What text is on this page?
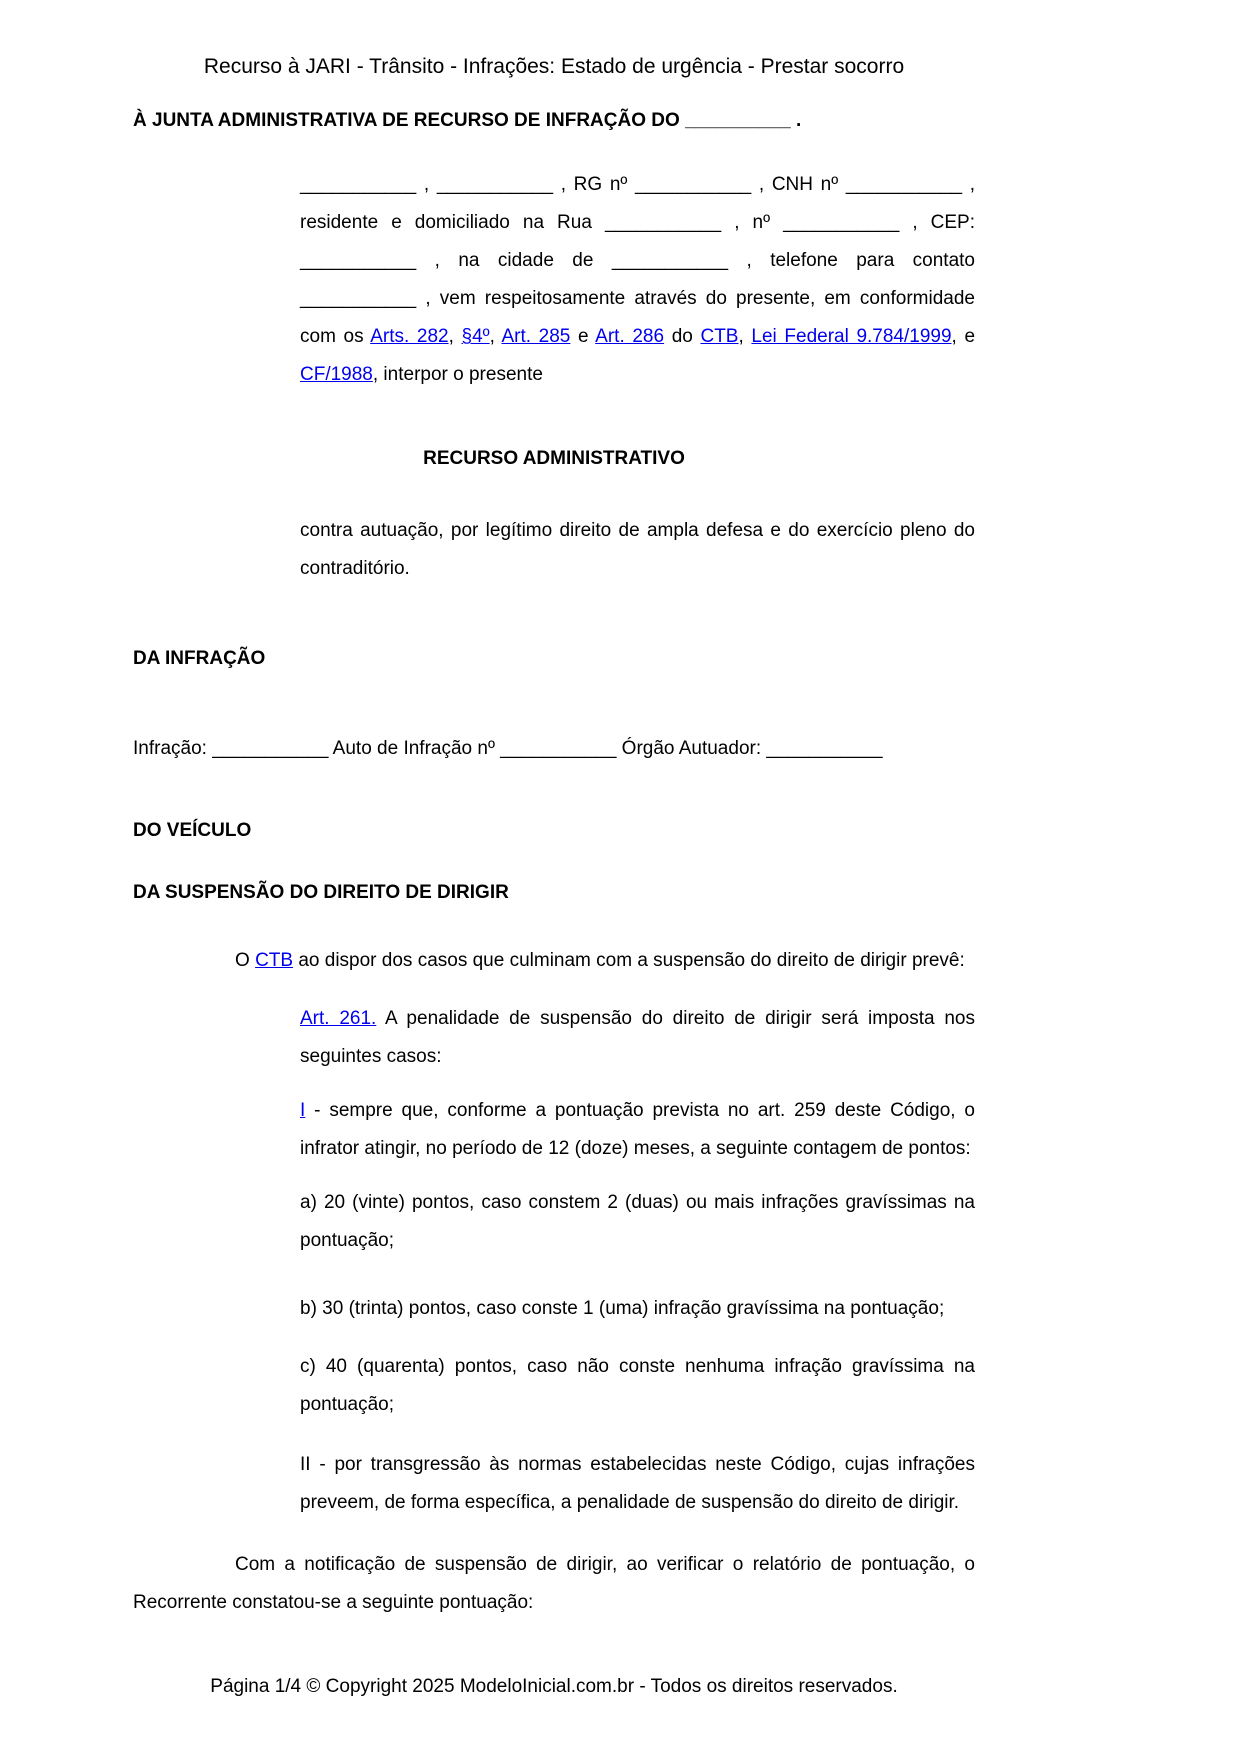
Recurso à JARI - Trânsito - Infrações: Estado de urgência - Prestar socorro

À JUNTA ADMINISTRATIVA DE RECURSO DE INFRAÇÃO DO __________ .

___________ , ___________ , RG nº ___________ , CNH nº ___________ , residente e domiciliado na Rua ___________ , nº ___________ , CEP: ___________ , na cidade de ___________ , telefone para contato ___________ , vem respeitosamente através do presente, em conformidade com os Arts. 282, §4º, Art. 285 e Art. 286 do CTB, Lei Federal 9.784/1999, e CF/1988, interpor o presente

RECURSO ADMINISTRATIVO

contra autuação, por legítimo direito de ampla defesa e do exercício pleno do contraditório.

DA INFRAÇÃO

Infração: ___________ Auto de Infração nº ___________ Órgão Autuador: ___________

DO VEÍCULO
DA SUSPENSÃO DO DIREITO DE DIRIGIR

O CTB ao dispor dos casos que culminam com a suspensão do direito de dirigir prevê:

Art. 261. A penalidade de suspensão do direito de dirigir será imposta nos seguintes casos:

I - sempre que, conforme a pontuação prevista no art. 259 deste Código, o infrator atingir, no período de 12 (doze) meses, a seguinte contagem de pontos:

a) 20 (vinte) pontos, caso constem 2 (duas) ou mais infrações gravíssimas na pontuação;

b) 30 (trinta) pontos, caso conste 1 (uma) infração gravíssima na pontuação;

c) 40 (quarenta) pontos, caso não conste nenhuma infração gravíssima na pontuação;

II - por transgressão às normas estabelecidas neste Código, cujas infrações preveem, de forma específica, a penalidade de suspensão do direito de dirigir.

Com a notificação de suspensão de dirigir, ao verificar o relatório de pontuação, o Recorrente constatou-se a seguinte pontuação:

Página 1/4 © Copyright 2025 ModeloInicial.com.br - Todos os direitos reservados.
